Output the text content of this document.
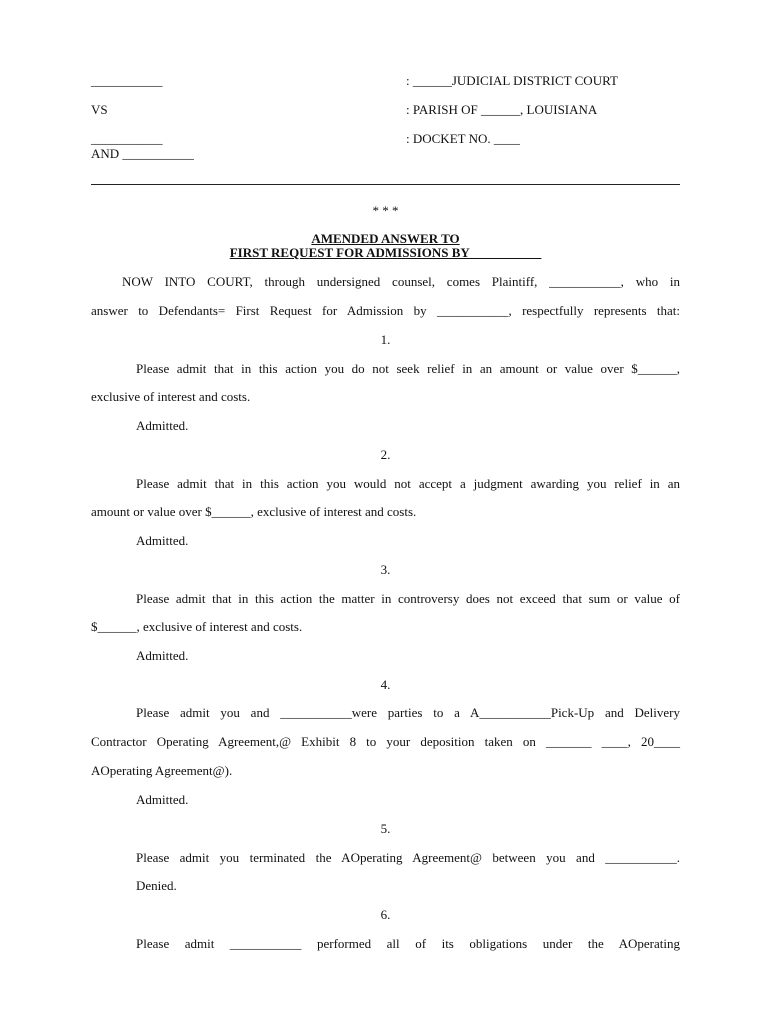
___________
VS
___________
AND ___________
: ______JUDICIAL DISTRICT COURT
: PARISH OF ______, LOUISIANA
: DOCKET NO. ____
* * *
AMENDED ANSWER TO
FIRST REQUEST FOR ADMISSIONS BY___________
NOW INTO COURT, through undersigned counsel, comes Plaintiff, ___________, who in
answer to Defendants= First Request for Admission by ___________, respectfully represents that:
1.
Please admit that in this action you do not seek relief in an amount or value over $______,
exclusive of interest and costs.
Admitted.
2.
Please admit that in this action you would not accept a judgment awarding you relief in an
amount or value over $______, exclusive of interest and costs.
Admitted.
3.
Please admit that in this action the matter in controversy does not exceed that sum or value of
$______, exclusive of interest and costs.
Admitted.
4.
Please admit you and ___________were parties to a A___________Pick-Up and Delivery
Contractor Operating Agreement,@ Exhibit 8 to your deposition taken on _______ ____, 20____
AOperating Agreement@).
Admitted.
5.
Please admit you terminated the AOperating Agreement@ between you and ___________.
Denied.
6.
Please admit ___________ performed all of its obligations under the AOperating
